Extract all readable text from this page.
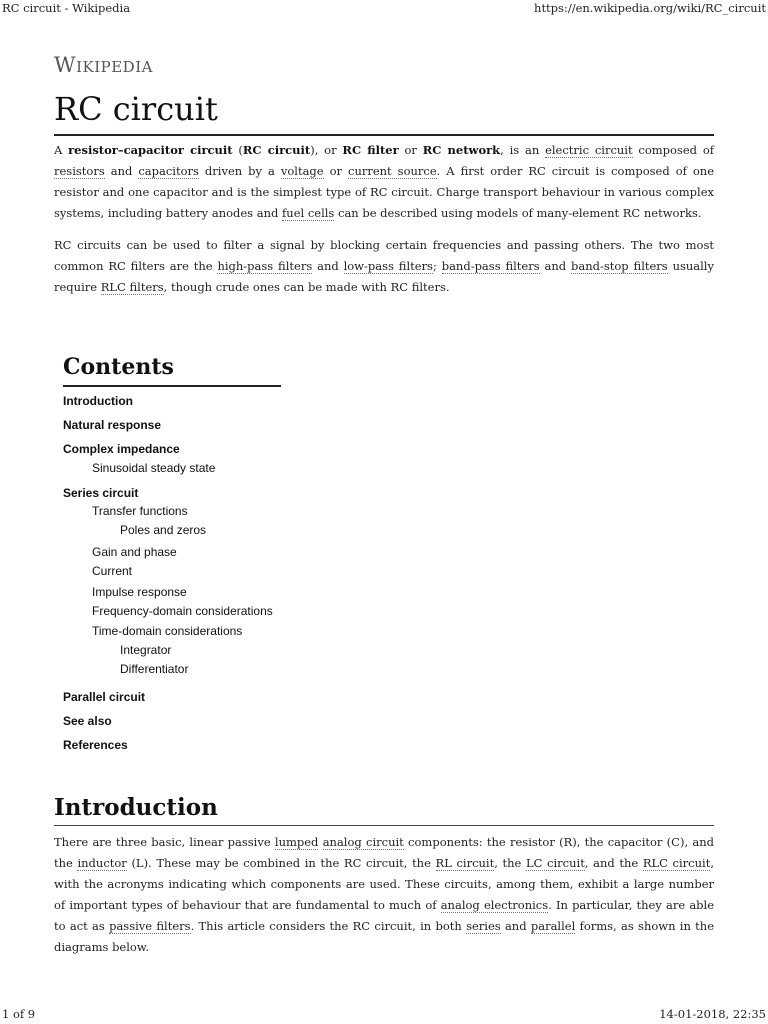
RC circuit - Wikipedia	https://en.wikipedia.org/wiki/RC_circuit
Wikipedia
RC circuit

A resistor–capacitor circuit (RC circuit), or RC filter or RC network, is an electric circuit composed of resistors and capacitors driven by a voltage or current source. A first order RC circuit is composed of one resistor and one capacitor and is the simplest type of RC circuit. Charge transport behaviour in various complex systems, including battery anodes and fuel cells can be described using models of many-element RC networks.

RC circuits can be used to filter a signal by blocking certain frequencies and passing others. The two most common RC filters are the high-pass filters and low-pass filters; band-pass filters and band-stop filters usually require RLC filters, though crude ones can be made with RC filters.

Contents
Introduction
Natural response
Complex impedance
Sinusoidal steady state
Series circuit
Transfer functions
Poles and zeros
Gain and phase
Current
Impulse response
Frequency-domain considerations
Time-domain considerations
Integrator
Differentiator
Parallel circuit
See also
References
Introduction

There are three basic, linear passive lumped analog circuit components: the resistor (R), the capacitor (C), and the inductor (L). These may be combined in the RC circuit, the RL circuit, the LC circuit, and the RLC circuit, with the acronyms indicating which components are used. These circuits, among them, exhibit a large number of important types of behaviour that are fundamental to much of analog electronics. In particular, they are able to act as passive filters. This article considers the RC circuit, in both series and parallel forms, as shown in the diagrams below.

1 of 9	14-01-2018, 22:35
